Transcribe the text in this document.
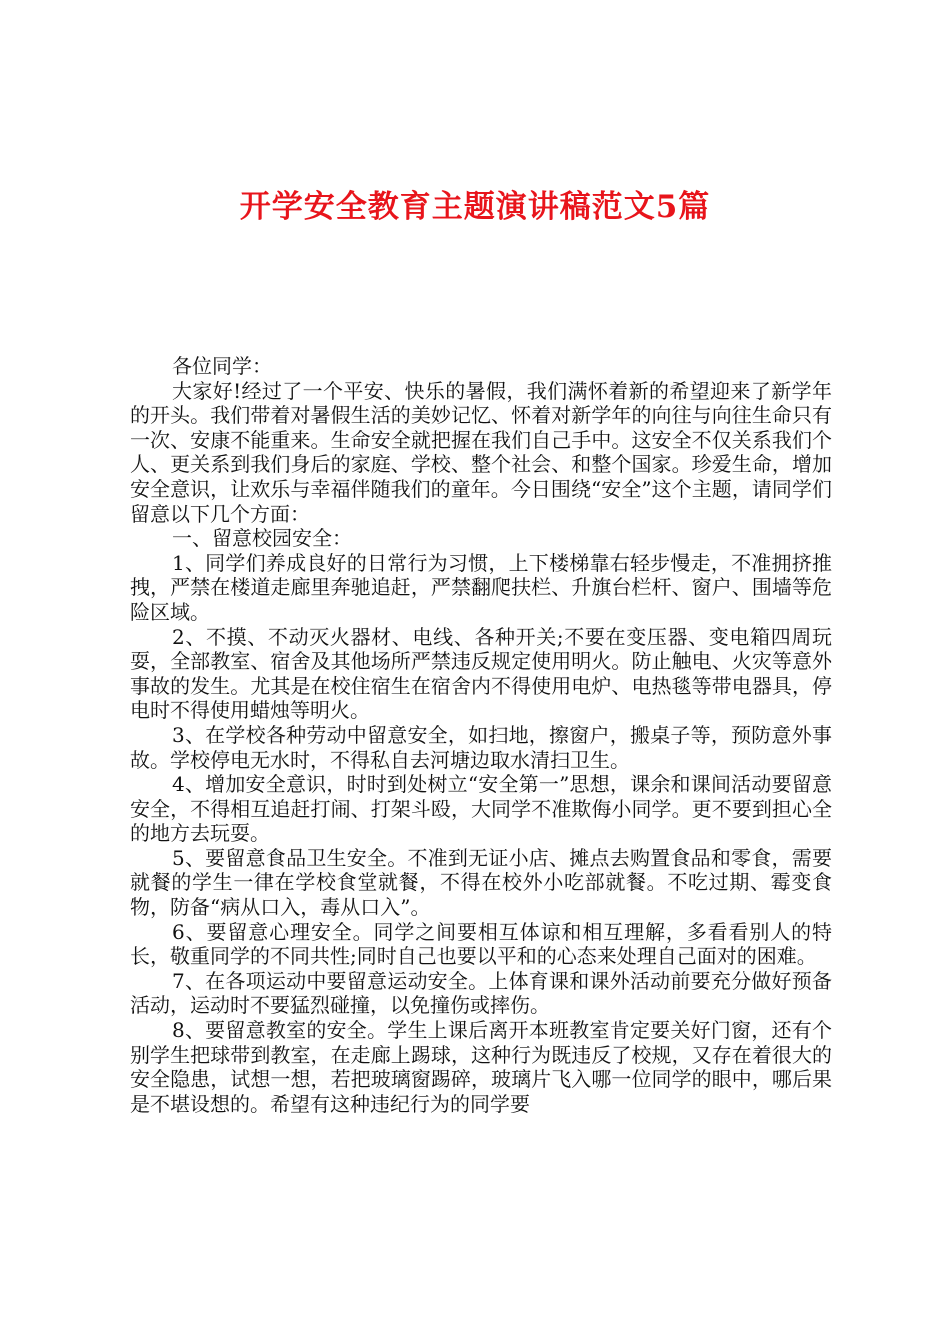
开学安全教育主题演讲稿范文5篇

各位同学：

大家好!经过了一个平安、快乐的暑假，我们满怀着新的希望迎来了新学年的开头。我们带着对暑假生活的美妙记忆、怀着对新学年的向往与向往生命只有一次、安康不能重来。生命安全就把握在我们自己手中。这安全不仅关系我们个人、更关系到我们身后的家庭、学校、整个社会、和整个国家。珍爱生命，增加安全意识，让欢乐与幸福伴随我们的童年。今日围绕“安全”这个主题，请同学们留意以下几个方面：

一、留意校园安全：

1、同学们养成良好的日常行为习惯，上下楼梯靠右轻步慢走，不准拥挤推拽，严禁在楼道走廊里奔驰追赶，严禁翻爬扶栏、升旗台栏杆、窗户、围墙等危险区域。

2、不摸、不动灭火器材、电线、各种开关;不要在变压器、变电箱四周玩耍，全部教室、宿舍及其他场所严禁违反规定使用明火。防止触电、火灾等意外事故的发生。尤其是在校住宿生在宿舍内不得使用电炉、电热毯等带电器具，停电时不得使用蜡烛等明火。

3、在学校各种劳动中留意安全，如扫地，擦窗户，搬桌子等，预防意外事故。学校停电无水时，不得私自去河塘边取水清扫卫生。

4、增加安全意识，时时到处树立“安全第一”思想，课余和课间活动要留意安全，不得相互追赶打闹、打架斗殴，大同学不准欺侮小同学。更不要到担心全的地方去玩耍。

5、要留意食品卫生安全。不准到无证小店、摊点去购置食品和零食，需要就餐的学生一律在学校食堂就餐，不得在校外小吃部就餐。不吃过期、霉变食物，防备“病从口入，毒从口入”。

6、要留意心理安全。同学之间要相互体谅和相互理解，多看看别人的特长，敬重同学的不同共性;同时自己也要以平和的心态来处理自己面对的困难。

7、在各项运动中要留意运动安全。上体育课和课外活动前要充分做好预备活动，运动时不要猛烈碰撞，以免撞伤或摔伤。

8、要留意教室的安全。学生上课后离开本班教室肯定要关好门窗，还有个别学生把球带到教室，在走廊上踢球，这种行为既违反了校规，又存在着很大的安全隐患，试想一想，若把玻璃窗踢碎，玻璃片飞入哪一位同学的眼中，哪后果是不堪设想的。希望有这种违纪行为的同学要
